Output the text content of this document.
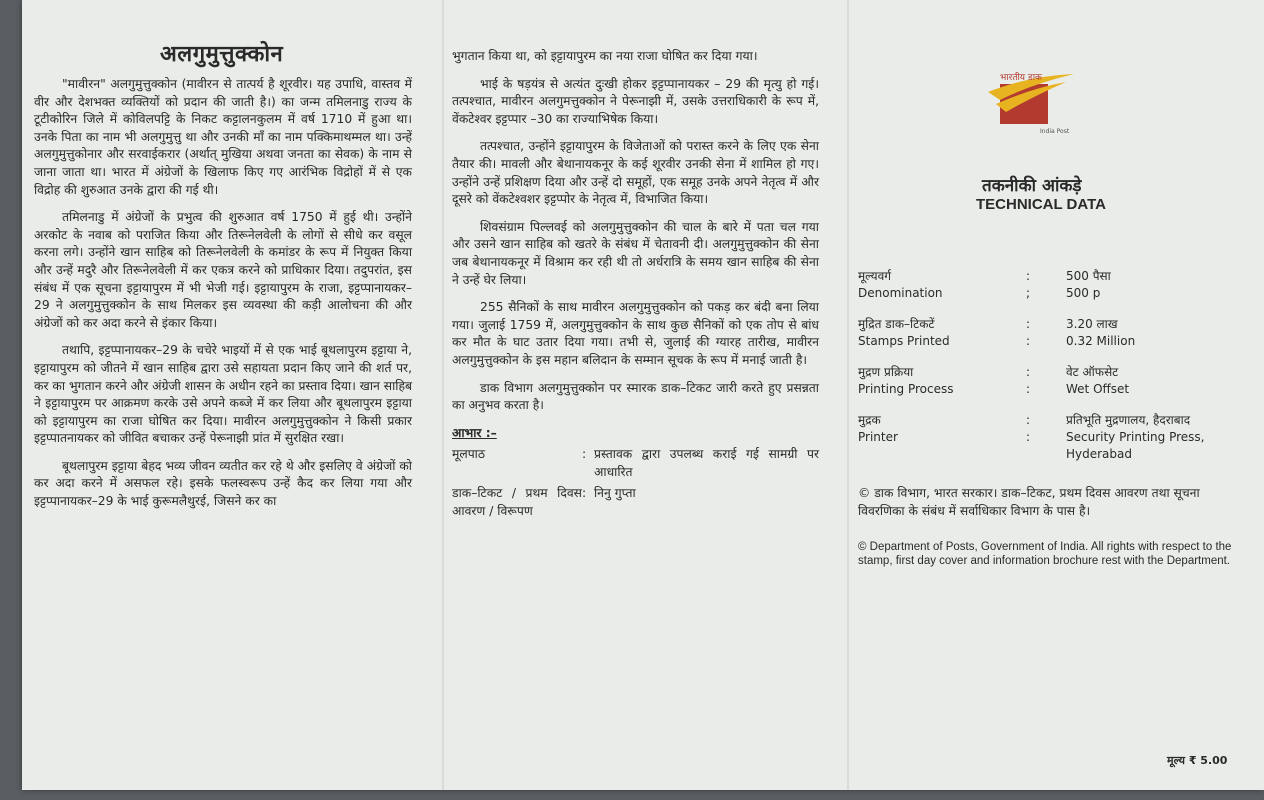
अलगुमुत्तुक्कोन

"मावीरन" अलगुमुत्तुक्कोन (मावीरन से तात्पर्य है शूरवीर। यह उपाधि, वास्तव में वीर और देशभक्त व्यक्तियों को प्रदान की जाती है।) का जन्म तमिलनाडु राज्य के टूटीकोरिन जिले में कोविलपट्टि के निकट कट्टालनकुलम में वर्ष 1710 में हुआ था। उनके पिता का नाम भी अलगुमुत्तु था और उनकी माँ का नाम पक्किमाथम्मल था। उन्हें अलगुमुत्तुकोनार और सरवाईकरार (अर्थात् मुखिया अथवा जनता का सेवक) के नाम से जाना जाता था। भारत में अंग्रेजों के खिलाफ किए गए आरंभिक विद्रोहों में से एक विद्रोह की शुरुआत उनके द्वारा की गई थी।

तमिलनाडु में अंग्रेजों के प्रभुत्व की शुरुआत वर्ष 1750 में हुई थी। उन्होंने अरकोट के नवाब को पराजित किया और तिरूनेलवेली के लोगों से सीधे कर वसूल करना लगे। उन्होंने खान साहिब को तिरूनेलवेली के कमांडर के रूप में नियुक्त किया और उन्हें मदुरै और तिरूनेलवेली में कर एकत्र करने को प्राधिकार दिया। तदुपरांत, इस संबंध में एक सूचना इट्टायापुरम में भी भेजी गई। इट्टायापुरम के राजा, इट्टप्पानायकर–29 ने अलगुमुत्तुक्कोन के साथ मिलकर इस व्यवस्था की कड़ी आलोचना की और अंग्रेजों को कर अदा करने से इंकार किया।

तथापि, इट्टप्पानायकर–29 के चचेरे भाइयों में से एक भाई बूथलापुरम इट्टाया ने, इट्टायापुरम को जीतने में खान साहिब द्वारा उसे सहायता प्रदान किए जाने की शर्त पर, कर का भुगतान करने और अंग्रेजी शासन के अधीन रहने का प्रस्ताव दिया। खान साहिब ने इट्टायापुरम पर आक्रमण करके उसे अपने कब्जे में कर लिया और बूथलापुरम इट्टाया को इट्टायापुरम का राजा घोषित कर दिया। मावीरन अलगुमुत्तुक्कोन ने किसी प्रकार इट्टप्पातनायकर को जीवित बचाकर उन्हें पेरूनाझी प्रांत में सुरक्षित रखा।

बूथलापुरम इट्टाया बेहद भव्य जीवन व्यतीत कर रहे थे और इसलिए वे अंग्रेजों को कर अदा करने में असफल रहे। इसके फलस्वरूप उन्हें कैद कर लिया गया और इट्टप्पानायकर–29 के भाई कुरूमलैथुरई, जिसने कर का

भुगतान किया था, को इट्टायापुरम का नया राजा घोषित कर दिया गया।

भाई के षड़यंत्र से अत्यंत दुःखी होकर इट्टप्पानायकर – 29 की मृत्यु हो गई। तत्पश्चात, मावीरन अलगुमत्तुक्कोन ने पेरूनाझी में, उसके उत्तराधिकारी के रूप में, वेंकटेश्वर इट्टप्पार –30 का राज्याभिषेक किया।

तत्पश्चात, उन्होंने इट्टायापुरम के विजेताओं को परास्त करने के लिए एक सेना तैयार की। मावली और बेथानायकनूर के कई शूरवीर उनकी सेना में शामिल हो गए। उन्होंने उन्हें प्रशिक्षण दिया और उन्हें दो समूहों, एक समूह उनके अपने नेतृत्व में और दूसरे को वेंकटेश्वशर इट्टप्पोर के नेतृत्व में, विभाजित किया।

शिवसंग्राम पिल्लवई को अलगुमुत्तुक्कोन की चाल के बारे में पता चल गया और उसने खान साहिब को खतरे के संबंध में चेतावनी दी। अलगुमुत्तुक्कोन की सेना जब बेथानायकनूर में विश्राम कर रही थी तो अर्धरात्रि के समय खान साहिब की सेना ने उन्हें घेर लिया।

255 सैनिकों के साथ मावीरन अलगुमुत्तुक्कोन को पकड़ कर बंदी बना लिया गया। जुलाई 1759 में, अलगुमुत्तुक्कोन के साथ कुछ सैनिकों को एक तोप से बांध कर मौत के घाट उतार दिया गया। तभी से, जुलाई की ग्यारह तारीख, मावीरन अलगुमुत्तुक्कोन के इस महान बलिदान के सम्मान सूचक के रूप में मनाई जाती है।

डाक विभाग अलगुमुत्तुक्कोन पर स्मारक डाक–टिकट जारी करते हुए प्रसन्नता का अनुभव करता है।

आभार :–
मूलपाठ	: प्रस्तावक द्वारा उपलब्ध कराई गई सामग्री पर आधारित
डाक–टिकट / प्रथम दिवस आवरण / विरूपण
: निनु गुप्ता
भारतीय डाक
India Post
तकनीकी आंकड़े
TECHNICAL DATA
मूल्यवर्ग	:	500 पैसा
Denomination	;	500 p
मुद्रित डाक–टिकटें	:	3.20 लाख
Stamps Printed	:	0.32 Million
मुद्रण प्रक्रिया	:	वेट ऑफसेट
Printing Process	:	Wet Offset
मुद्रक	:	प्रतिभूति मुद्रणालय, हैदराबाद
Printer	:	Security Printing Press, Hyderabad
© डाक विभाग, भारत सरकार। डाक–टिकट, प्रथम दिवस आवरण तथा सूचना विवरणिका के संबंध में सर्वाधिकार विभाग के पास है।
© Department of Posts, Government of India. All rights with respect to the stamp, first day cover and information brochure rest with the Department.
मूल्य ₹ 5.00
